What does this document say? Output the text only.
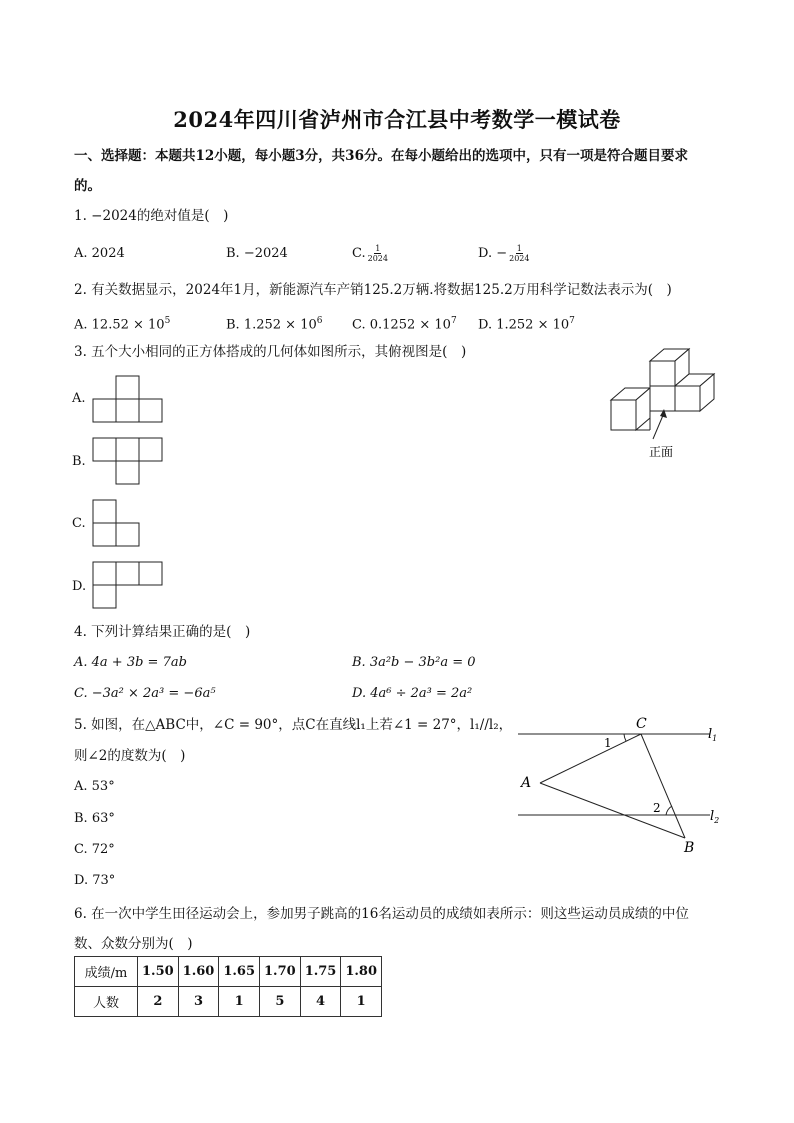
2024年四川省泸州市合江县中考数学一模试卷
一、选择题：本题共12小题，每小题3分，共36分。在每小题给出的选项中，只有一项是符合题目要求
的。
1. −2024的绝对值是(　)
A. 2024	B. −2024	C. $\frac{1}{2024}$	D. − $\frac{1}{2024}$
2. 有关数据显示，2024年1月，新能源汽车产销125.2万辆.将数据125.2万用科学记数法表示为(　)
A. $12.52 \times 10^5$	B. $1.252 \times 10^6$ C. $0.1252 \times 10^7$ D. $1.252 \times 10^7$
3. 五个大小相同的正方体搭成的几何体如图所示，其俯视图是(　)
A.
B.
C.
D.
正面
4. 下列计算结果正确的是(　)
A. 4a + 3b = 7ab	B. 3a²b − 3b²a = 0
C. −3a² × 2a³ = −6a⁵	D. 4a⁶ ÷ 2a³ = 2a²
5. 如图，在△ABC中，∠C = 90°，点C在直线l₁上若∠1 = 27°，l₁//l₂，
则∠2的度数为(　)
A. 53°
B. 63°
C. 72°
D. 73°
C
A
B
$l_1$
$l_2$
1
2
6. 在一次中学生田径运动会上，参加男子跳高的16名运动员的成绩如表所示：则这些运动员成绩的中位
数、众数分别为(　)
成绩/m	1.50	1.60	1.65	1.70	1.75	1.80
人数	2	3	1	5	4	1
